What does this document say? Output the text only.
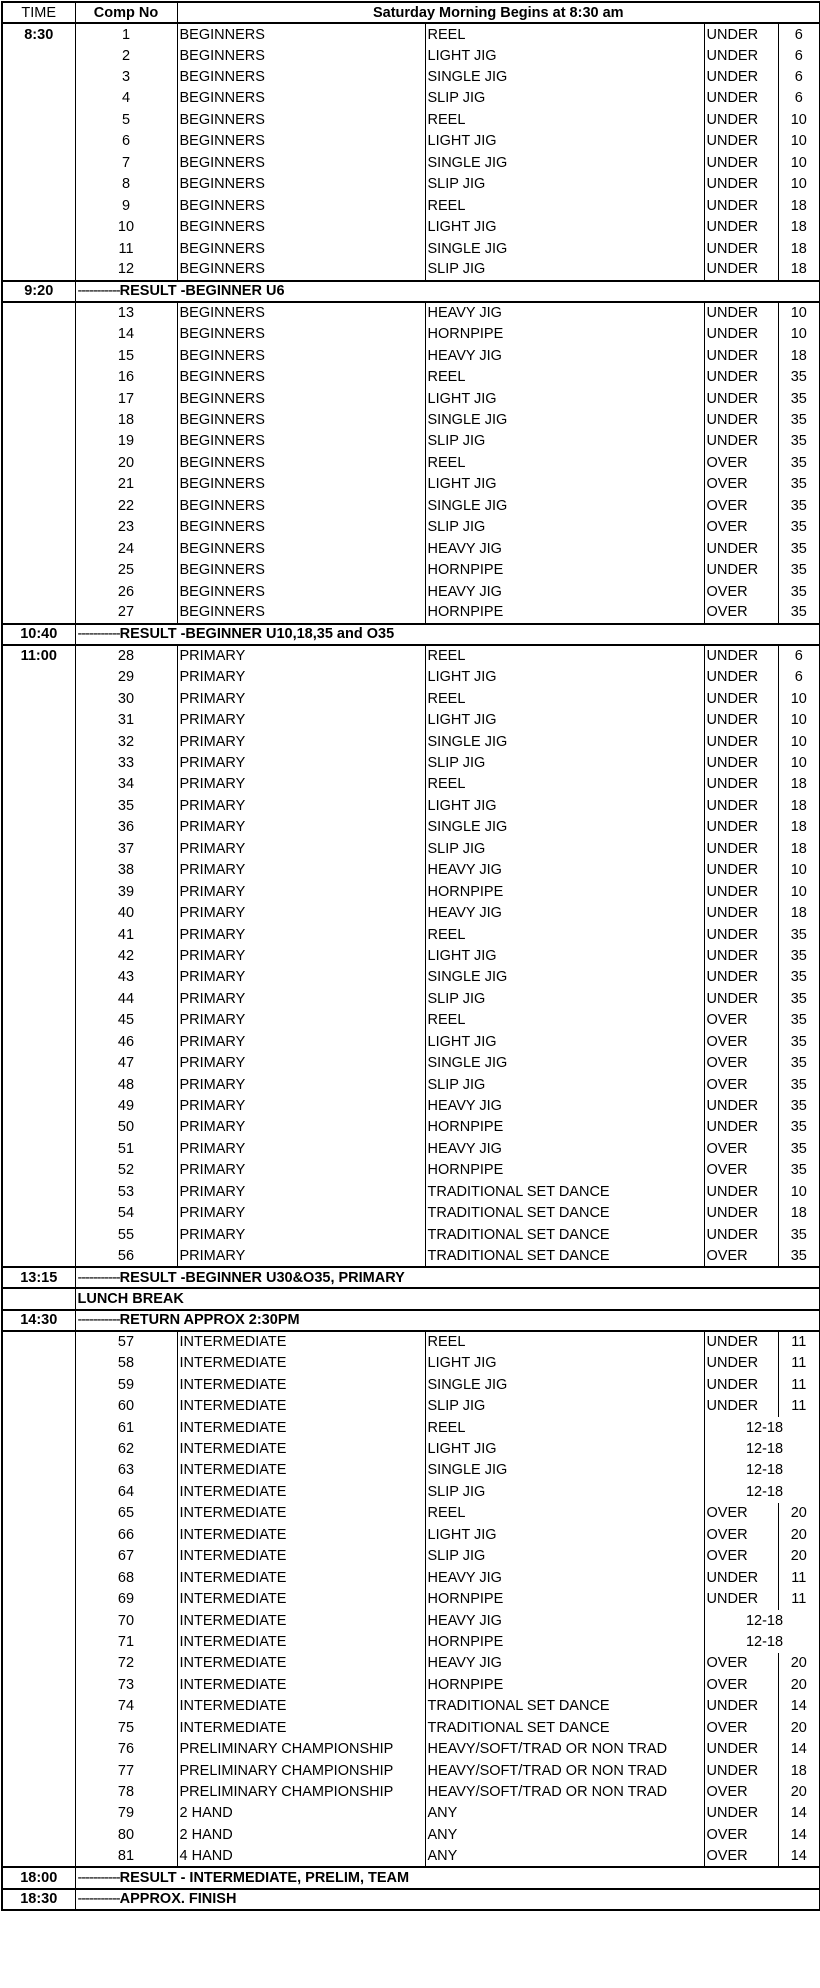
TIME	Comp No	Saturday Morning Begins at 8:30 am			
8:30	1	BEGINNERS	REEL	UNDER	6
	2	BEGINNERS	LIGHT JIG	UNDER	6
	3	BEGINNERS	SINGLE JIG	UNDER	6
	4	BEGINNERS	SLIP JIG	UNDER	6
	5	BEGINNERS	REEL	UNDER	10
	6	BEGINNERS	LIGHT JIG	UNDER	10
	7	BEGINNERS	SINGLE JIG	UNDER	10
	8	BEGINNERS	SLIP JIG	UNDER	10
	9	BEGINNERS	REEL	UNDER	18
	10	BEGINNERS	LIGHT JIG	UNDER	18
	11	BEGINNERS	SINGLE JIG	UNDER	18
	12	BEGINNERS	SLIP JIG	UNDER	18
9:20	-----------RESULT -BEGINNER U6				
	13	BEGINNERS	HEAVY JIG	UNDER	10
	14	BEGINNERS	HORNPIPE	UNDER	10
	15	BEGINNERS	HEAVY JIG	UNDER	18
	16	BEGINNERS	REEL	UNDER	35
	17	BEGINNERS	LIGHT JIG	UNDER	35
	18	BEGINNERS	SINGLE JIG	UNDER	35
	19	BEGINNERS	SLIP JIG	UNDER	35
	20	BEGINNERS	REEL	OVER	35
	21	BEGINNERS	LIGHT JIG	OVER	35
	22	BEGINNERS	SINGLE JIG	OVER	35
	23	BEGINNERS	SLIP JIG	OVER	35
	24	BEGINNERS	HEAVY JIG	UNDER	35
	25	BEGINNERS	HORNPIPE	UNDER	35
	26	BEGINNERS	HEAVY JIG	OVER	35
	27	BEGINNERS	HORNPIPE	OVER	35
10:40	-----------RESULT -BEGINNER U10,18,35 and O35				
11:00	28	PRIMARY	REEL	UNDER	6
	29	PRIMARY	LIGHT JIG	UNDER	6
	30	PRIMARY	REEL	UNDER	10
	31	PRIMARY	LIGHT JIG	UNDER	10
	32	PRIMARY	SINGLE JIG	UNDER	10
	33	PRIMARY	SLIP JIG	UNDER	10
	34	PRIMARY	REEL	UNDER	18
	35	PRIMARY	LIGHT JIG	UNDER	18
	36	PRIMARY	SINGLE JIG	UNDER	18
	37	PRIMARY	SLIP JIG	UNDER	18
	38	PRIMARY	HEAVY JIG	UNDER	10
	39	PRIMARY	HORNPIPE	UNDER	10
	40	PRIMARY	HEAVY JIG	UNDER	18
	41	PRIMARY	REEL	UNDER	35
	42	PRIMARY	LIGHT JIG	UNDER	35
	43	PRIMARY	SINGLE JIG	UNDER	35
	44	PRIMARY	SLIP JIG	UNDER	35
	45	PRIMARY	REEL	OVER	35
	46	PRIMARY	LIGHT JIG	OVER	35
	47	PRIMARY	SINGLE JIG	OVER	35
	48	PRIMARY	SLIP JIG	OVER	35
	49	PRIMARY	HEAVY JIG	UNDER	35
	50	PRIMARY	HORNPIPE	UNDER	35
	51	PRIMARY	HEAVY JIG	OVER	35
	52	PRIMARY	HORNPIPE	OVER	35
	53	PRIMARY	TRADITIONAL SET DANCE	UNDER	10
	54	PRIMARY	TRADITIONAL SET DANCE	UNDER	18
	55	PRIMARY	TRADITIONAL SET DANCE	UNDER	35
	56	PRIMARY	TRADITIONAL SET DANCE	OVER	35
13:15	-----------RESULT -BEGINNER U30&O35, PRIMARY				
	LUNCH BREAK				
14:30	-----------RETURN APPROX 2:30PM				
	57	INTERMEDIATE	REEL	UNDER	11
	58	INTERMEDIATE	LIGHT JIG	UNDER	11
	59	INTERMEDIATE	SINGLE JIG	UNDER	11
	60	INTERMEDIATE	SLIP JIG	UNDER	11
	61	INTERMEDIATE	REEL	12-18	
	62	INTERMEDIATE	LIGHT JIG	12-18	
	63	INTERMEDIATE	SINGLE JIG	12-18	
	64	INTERMEDIATE	SLIP JIG	12-18	
	65	INTERMEDIATE	REEL	OVER	20
	66	INTERMEDIATE	LIGHT JIG	OVER	20
	67	INTERMEDIATE	SLIP JIG	OVER	20
	68	INTERMEDIATE	HEAVY JIG	UNDER	11
	69	INTERMEDIATE	HORNPIPE	UNDER	11
	70	INTERMEDIATE	HEAVY JIG	12-18	
	71	INTERMEDIATE	HORNPIPE	12-18	
	72	INTERMEDIATE	HEAVY JIG	OVER	20
	73	INTERMEDIATE	HORNPIPE	OVER	20
	74	INTERMEDIATE	TRADITIONAL SET DANCE	UNDER	14
	75	INTERMEDIATE	TRADITIONAL SET DANCE	OVER	20
	76	PRELIMINARY CHAMPIONSHIP	HEAVY/SOFT/TRAD OR NON TRAD	UNDER	14
	77	PRELIMINARY CHAMPIONSHIP	HEAVY/SOFT/TRAD OR NON TRAD	UNDER	18
	78	PRELIMINARY CHAMPIONSHIP	HEAVY/SOFT/TRAD OR NON TRAD	OVER	20
	79	2 HAND	ANY	UNDER	14
	80	2 HAND	ANY	OVER	14
	81	4 HAND	ANY	OVER	14
18:00	-----------RESULT - INTERMEDIATE, PRELIM, TEAM				
18:30	-----------APPROX. FINISH				
